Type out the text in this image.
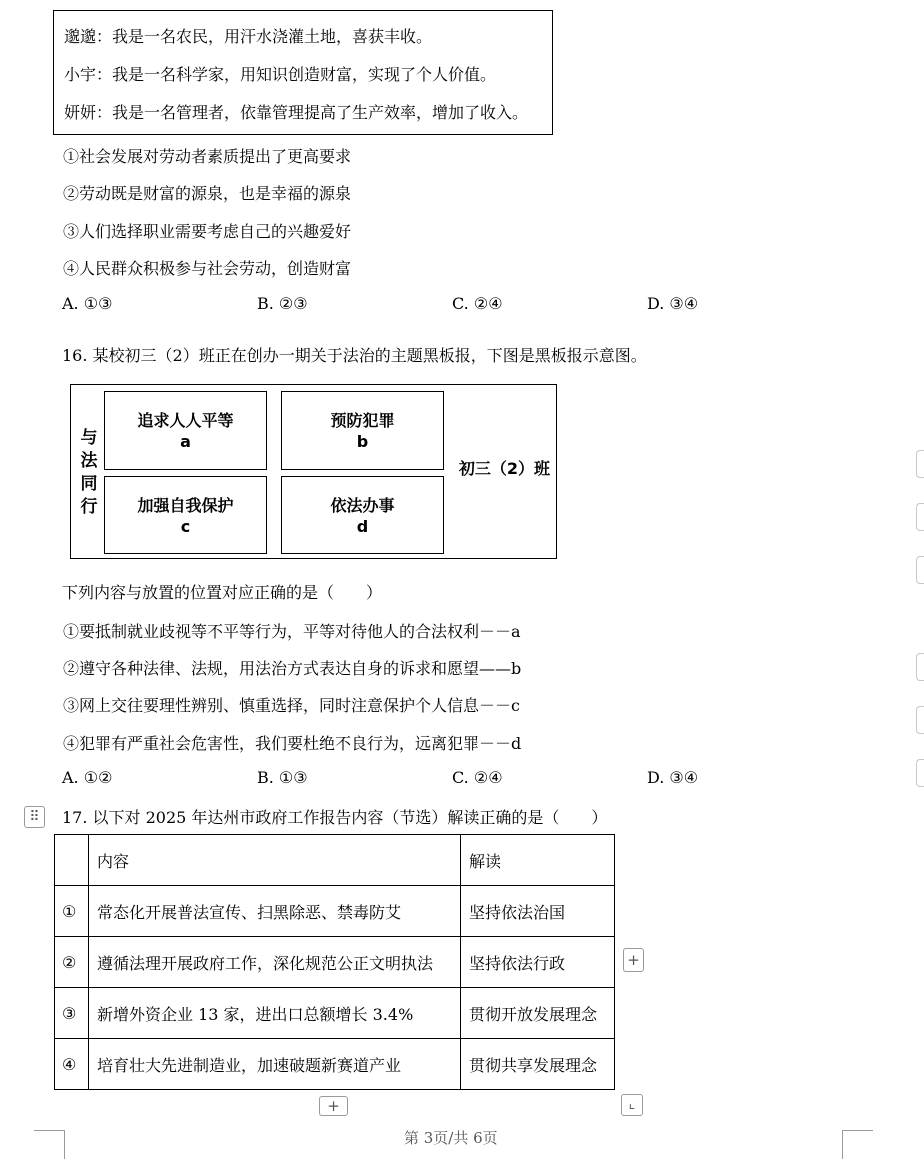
邈邈：我是一名农民，用汗水浇灌土地，喜获丰收。
小宇：我是一名科学家，用知识创造财富，实现了个人价值。
妍妍：我是一名管理者，依靠管理提高了生产效率，增加了收入。
①社会发展对劳动者素质提出了更高要求
②劳动既是财富的源泉，也是幸福的源泉
③人们选择职业需要考虑自己的兴趣爱好
④人民群众积极参与社会劳动，创造财富
A. ①③	B. ②③	C. ②④	D. ③④
16. 某校初三（2）班正在创办一期关于法治的主题黑板报，下图是黑板报示意图。
与法同行
追求人人平等
a
预防犯罪
b
加强自我保护
c
依法办事
d
初三（2）班
下列内容与放置的位置对应正确的是（　　）
①要抵制就业歧视等不平等行为，平等对待他人的合法权利－－a
②遵守各种法律、法规，用法治方式表达自身的诉求和愿望——b
③网上交往要理性辨别、慎重选择，同时注意保护个人信息－－c
④犯罪有严重社会危害性，我们要杜绝不良行为，远离犯罪－－d
A. ①②	B. ①③	C. ②④	D. ③④
⠿	17. 以下对 2025 年达州市政府工作报告内容（节选）解读正确的是（　　）
	内容	解读
①	常态化开展普法宣传、扫黑除恶、禁毒防艾	坚持依法治国
②	遵循法理开展政府工作，深化规范公正文明执法	坚持依法行政
③	新增外资企业 13 家，进出口总额增长 3.4%	贯彻开放发展理念
④	培育壮大先进制造业，加速破题新赛道产业	贯彻共享发展理念
+
+	⌞
第 3页/共 6页
